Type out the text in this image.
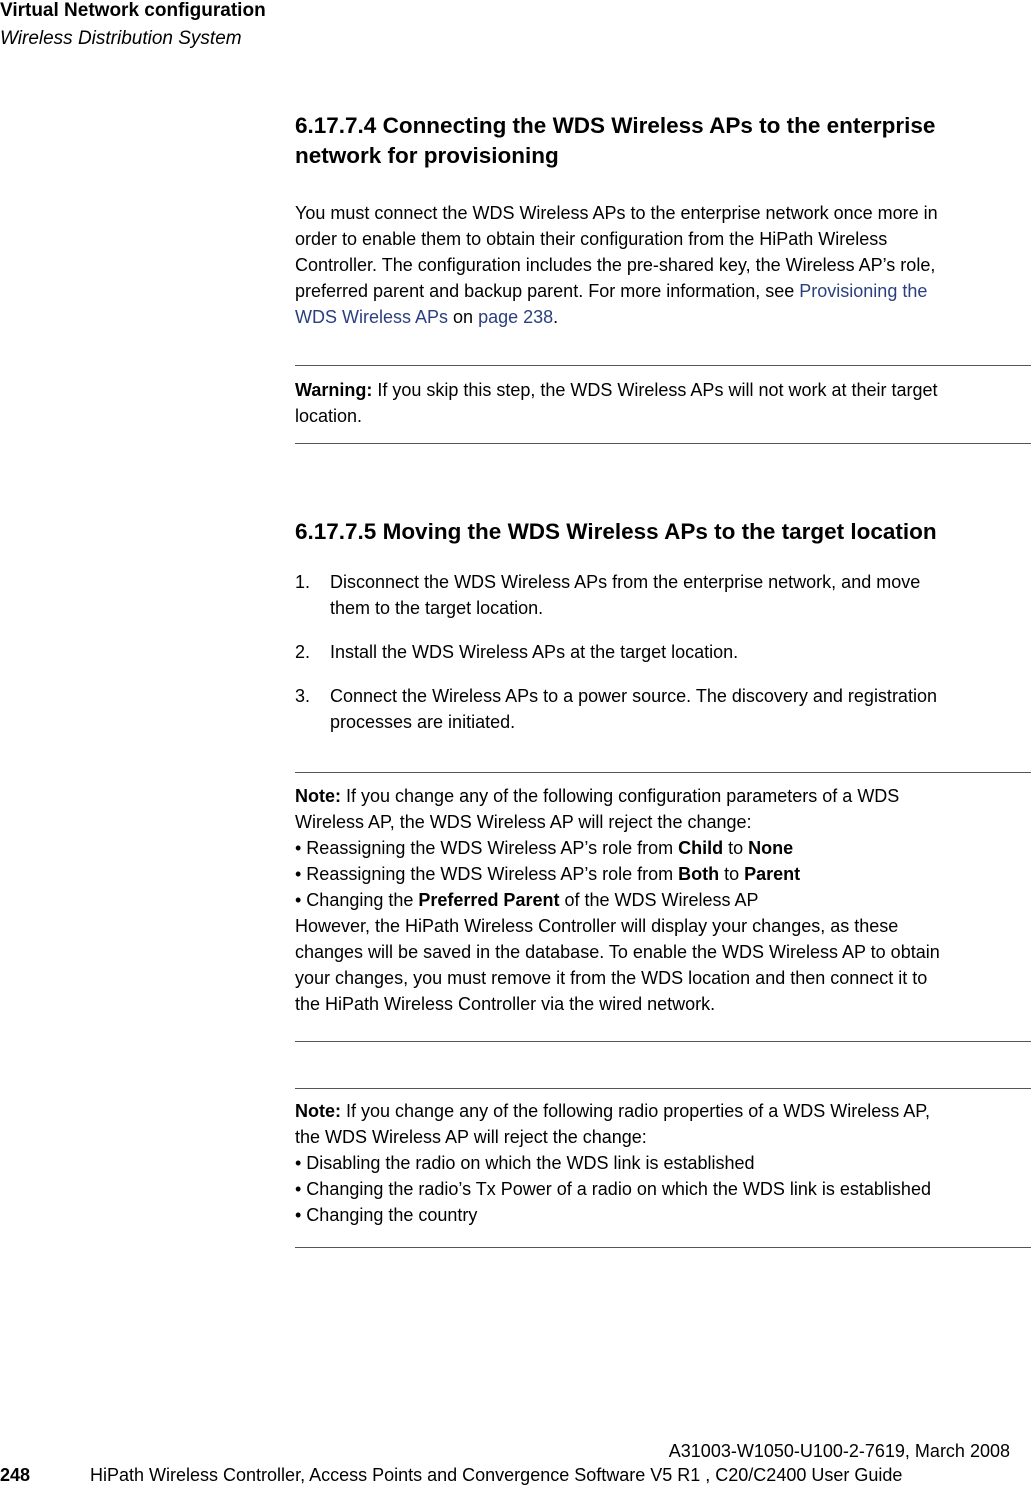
Virtual Network configuration
Wireless Distribution System
6.17.7.4 Connecting the WDS Wireless APs to the enterprise
network for provisioning

You must connect the WDS Wireless APs to the enterprise network once more in
order to enable them to obtain their configuration from the HiPath Wireless
Controller. The configuration includes the pre-shared key, the Wireless AP’s role,
preferred parent and backup parent. For more information, see Provisioning the
WDS Wireless APs on page 238.

Warning: If you skip this step, the WDS Wireless APs will not work at their target
location.

6.17.7.5 Moving the WDS Wireless APs to the target location

1. Disconnect the WDS Wireless APs from the enterprise network, and move
them to the target location.

2. Install the WDS Wireless APs at the target location.

3. Connect the Wireless APs to a power source. The discovery and registration
processes are initiated.

Note: If you change any of the following configuration parameters of a WDS
Wireless AP, the WDS Wireless AP will reject the change:
• Reassigning the WDS Wireless AP’s role from Child to None
• Reassigning the WDS Wireless AP’s role from Both to Parent
• Changing the Preferred Parent of the WDS Wireless AP
However, the HiPath Wireless Controller will display your changes, as these
changes will be saved in the database. To enable the WDS Wireless AP to obtain
your changes, you must remove it from the WDS location and then connect it to
the HiPath Wireless Controller via the wired network.

Note: If you change any of the following radio properties of a WDS Wireless AP,
the WDS Wireless AP will reject the change:
• Disabling the radio on which the WDS link is established
• Changing the radio’s Tx Power of a radio on which the WDS link is established
• Changing the country

A31003-W1050-U100-2-7619, March 2008
248	HiPath Wireless Controller, Access Points and Convergence Software V5 R1 , C20/C2400 User Guide
